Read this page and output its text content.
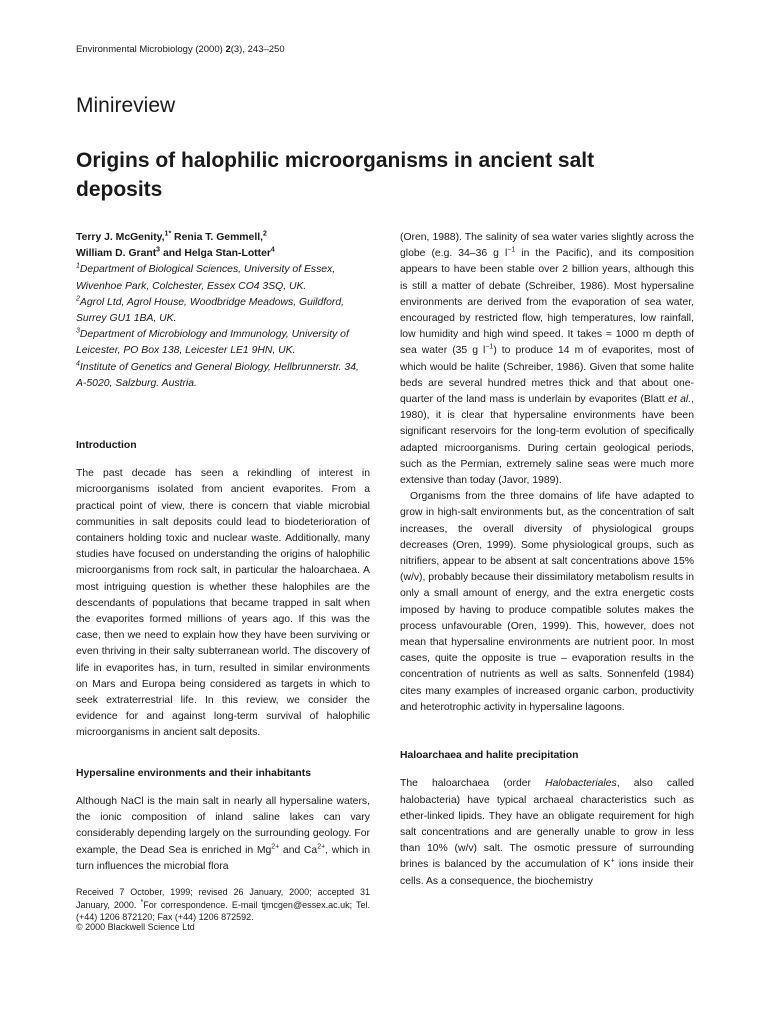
Environmental Microbiology (2000) 2(3), 243–250
Minireview
Origins of halophilic microorganisms in ancient salt deposits

Terry J. McGenity,$^{1*}$ Renia T. Gemmell,$^2$
William D. Grant$^3$ and Helga Stan-Lotter$^4$

$^1$Department of Biological Sciences, University of Essex, Wivenhoe Park, Colchester, Essex CO4 3SQ, UK.

$^2$Agrol Ltd, Agrol House, Woodbridge Meadows, Guildford, Surrey GU1 1BA, UK.

$^3$Department of Microbiology and Immunology, University of Leicester, PO Box 138, Leicester LE1 9HN, UK.

$^4$Institute of Genetics and General Biology, Hellbrunnerstr. 34, A-5020, Salzburg. Austria.

Introduction

The past decade has seen a rekindling of interest in microorganisms isolated from ancient evaporites. From a practical point of view, there is concern that viable microbial communities in salt deposits could lead to biodeterioration of containers holding toxic and nuclear waste. Additionally, many studies have focused on understanding the origins of halophilic microorganisms from rock salt, in particular the haloarchaea. A most intriguing question is whether these halophiles are the descendants of populations that became trapped in salt when the evaporites formed millions of years ago. If this was the case, then we need to explain how they have been surviving or even thriving in their salty subterranean world. The discovery of life in evaporites has, in turn, resulted in similar environments on Mars and Europa being considered as targets in which to seek extraterrestrial life. In this review, we consider the evidence for and against long-term survival of halophilic microorganisms in ancient salt deposits.

Hypersaline environments and their inhabitants

Although NaCl is the main salt in nearly all hypersaline waters, the ionic composition of inland saline lakes can vary considerably depending largely on the surrounding geology. For example, the Dead Sea is enriched in $Mg^{2+}$ and $Ca^{2+}$, which in turn influences the microbial flora

Received 7 October, 1999; revised 26 January, 2000; accepted 31 January, 2000. *For correspondence. E-mail tjmcgen@essex.ac.uk; Tel. (+44) 1206 872120; Fax (+44) 1206 872592.

© 2000 Blackwell Science Ltd

(Oren, 1988). The salinity of sea water varies slightly across the globe (e.g. 34–36 g $l^{-1}$ in the Pacific), and its composition appears to have been stable over 2 billion years, although this is still a matter of debate (Schreiber, 1986). Most hypersaline environments are derived from the evaporation of sea water, encouraged by restricted flow, high temperatures, low rainfall, low humidity and high wind speed. It takes ≈ 1000 m depth of sea water (35 g $l^{-1}$) to produce 14 m of evaporites, most of which would be halite (Schreiber, 1986). Given that some halite beds are several hundred metres thick and that about one-quarter of the land mass is underlain by evaporites (Blatt et al., 1980), it is clear that hypersaline environments have been significant reservoirs for the long-term evolution of specifically adapted microorganisms. During certain geological periods, such as the Permian, extremely saline seas were much more extensive than today (Javor, 1989).

Organisms from the three domains of life have adapted to grow in high-salt environments but, as the concentration of salt increases, the overall diversity of physiological groups decreases (Oren, 1999). Some physiological groups, such as nitrifiers, appear to be absent at salt concentrations above 15% (w/v), probably because their dissimilatory metabolism results in only a small amount of energy, and the extra energetic costs imposed by having to produce compatible solutes makes the process unfavourable (Oren, 1999). This, however, does not mean that hypersaline environments are nutrient poor. In most cases, quite the opposite is true – evaporation results in the concentration of nutrients as well as salts. Sonnenfeld (1984) cites many examples of increased organic carbon, productivity and heterotrophic activity in hypersaline lagoons.

Haloarchaea and halite precipitation

The haloarchaea (order Halobacteriales, also called halobacteria) have typical archaeal characteristics such as ether-linked lipids. They have an obligate requirement for high salt concentrations and are generally unable to grow in less than 10% (w/v) salt. The osmotic pressure of surrounding brines is balanced by the accumulation of K+ ions inside their cells. As a consequence, the biochemistry
